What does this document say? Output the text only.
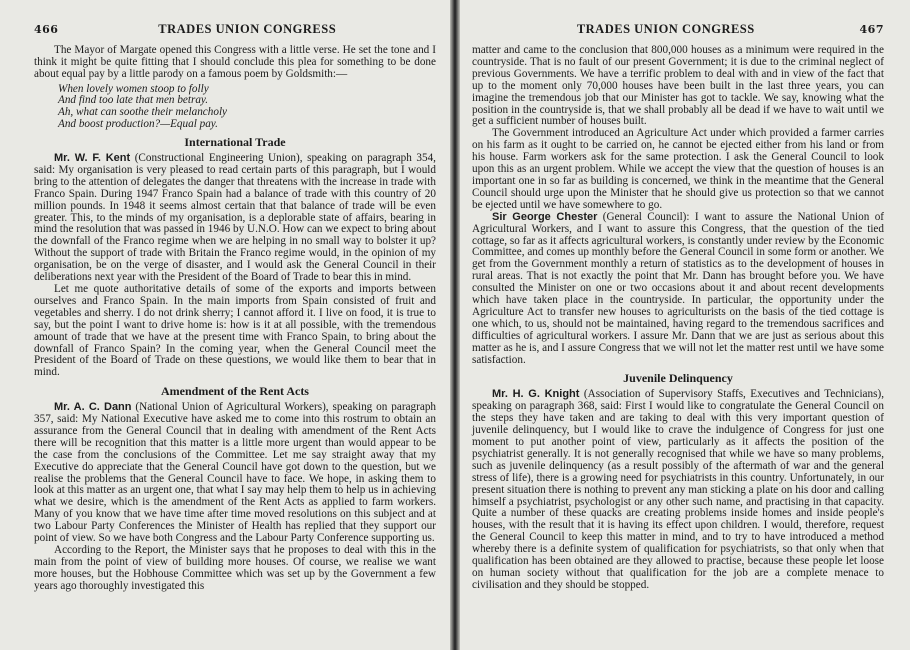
466	TRADES UNION CONGRESS

The Mayor of Margate opened this Congress with a little verse. He set the tone and I think it might be quite fitting that I should conclude this plea for something to be done about equal pay by a little parody on a famous poem by Goldsmith:—

When lovely women stoop to folly
And find too late that men betray.
Ah, what can soothe their melancholy
And boost production?—Equal pay.
International Trade

Mr. W. F. Kent (Constructional Engineering Union), speaking on paragraph 354, said: My organisation is very pleased to read certain parts of this paragraph, but I would bring to the attention of delegates the danger that threatens with the increase in trade with Franco Spain. During 1947 Franco Spain had a balance of trade with this country of 20 million pounds. In 1948 it seems almost certain that that balance of trade will be even greater. This, to the minds of my organisation, is a deplorable state of affairs, bearing in mind the resolution that was passed in 1946 by U.N.O. How can we expect to bring about the downfall of the Franco regime when we are helping in no small way to bolster it up? Without the support of trade with Britain the Franco regime would, in the opinion of my organisation, be on the verge of disaster, and I would ask the General Council in their deliberations next year with the President of the Board of Trade to bear this in mind.

Let me quote authoritative details of some of the exports and imports between ourselves and Franco Spain. In the main imports from Spain consisted of fruit and vegetables and sherry. I do not drink sherry; I cannot afford it. I live on food, it is true to say, but the point I want to drive home is: how is it at all possible, with the tremendous amount of trade that we have at the present time with Franco Spain, to bring about the downfall of Franco Spain? In the coming year, when the General Council meet the President of the Board of Trade on these questions, we would like them to bear that in mind.

Amendment of the Rent Acts

Mr. A. C. Dann (National Union of Agricultural Workers), speaking on paragraph 357, said: My National Executive have asked me to come into this rostrum to obtain an assurance from the General Council that in dealing with amendment of the Rent Acts there will be recognition that this matter is a little more urgent than would appear to be the case from the conclusions of the Committee. Let me say straight away that my Executive do appreciate that the General Council have got down to the question, but we realise the problems that the General Council have to face. We hope, in asking them to look at this matter as an urgent one, that what I say may help them to help us in achieving what we desire, which is the amendment of the Rent Acts as applied to farm workers. Many of you know that we have time after time moved resolutions on this subject and at two Labour Party Conferences the Minister of Health has replied that they support our point of view. So we have both Congress and the Labour Party Conference supporting us.

According to the Report, the Minister says that he proposes to deal with this in the main from the point of view of building more houses. Of course, we realise we want more houses, but the Hobhouse Committee which was set up by the Government a few years ago thoroughly investigated this

TRADES UNION CONGRESS	467

matter and came to the conclusion that 800,000 houses as a minimum were required in the countryside. That is no fault of our present Government; it is due to the criminal neglect of previous Governments. We have a terrific problem to deal with and in view of the fact that up to the moment only 70,000 houses have been built in the last three years, you can imagine the tremendous job that our Minister has got to tackle. We say, knowing what the position in the countryside is, that we shall probably all be dead if we have to wait until we get a sufficient number of houses built.

The Government introduced an Agriculture Act under which provided a farmer carries on his farm as it ought to be carried on, he cannot be ejected either from his land or from his house. Farm workers ask for the same protection. I ask the General Council to look upon this as an urgent problem. While we accept the view that the question of houses is an important one in so far as building is concerned, we think in the meantime that the General Council should urge upon the Minister that he should give us protection so that we cannot be ejected until we have somewhere to go.

Sir George Chester (General Council): I want to assure the National Union of Agricultural Workers, and I want to assure this Congress, that the question of the tied cottage, so far as it affects agricultural workers, is constantly under review by the Economic Committee, and comes up monthly before the General Council in some form or another. We get from the Government monthly a return of statistics as to the development of houses in rural areas. That is not exactly the point that Mr. Dann has brought before you. We have consulted the Minister on one or two occasions about it and about recent developments which have taken place in the countryside. In particular, the opportunity under the Agriculture Act to transfer new houses to agriculturists on the basis of the tied cottage is one which, to us, should not be maintained, having regard to the tremendous sacrifices and difficulties of agricultural workers. I assure Mr. Dann that we are just as serious about this matter as he is, and I assure Congress that we will not let the matter rest until we have some satisfaction.

Juvenile Delinquency

Mr. H. G. Knight (Association of Supervisory Staffs, Executives and Technicians), speaking on paragraph 368, said: First I would like to congratulate the General Council on the steps they have taken and are taking to deal with this very important question of juvenile delinquency, but I would like to crave the indulgence of Congress for just one moment to put another point of view, particularly as it affects the position of the psychiatrist generally. It is not generally recognised that while we have so many problems, such as juvenile delinquency (as a result possibly of the aftermath of war and the general stress of life), there is a growing need for psychiatrists in this country. Unfortunately, in our present situation there is nothing to prevent any man sticking a plate on his door and calling himself a psychiatrist, psychologist or any other such name, and practising in that capacity. Quite a number of these quacks are creating problems inside homes and inside people's houses, with the result that it is having its effect upon children. I would, therefore, request the General Council to keep this matter in mind, and to try to have introduced a method whereby there is a definite system of qualification for psychiatrists, so that only when that qualification has been obtained are they allowed to practise, because these people let loose on human society without that qualification for the job are a complete menace to civilisation and they should be stopped.
